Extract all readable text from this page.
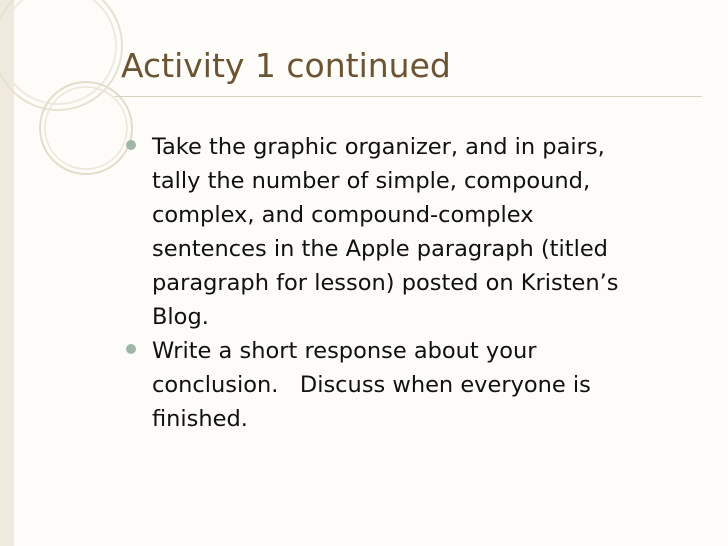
Activity 1 continued
Take the graphic organizer, and in pairs,
tally the number of simple, compound,
complex, and compound-complex
sentences in the Apple paragraph (titled
paragraph for lesson) posted on Kristen’s
Blog.
Write a short response about your
conclusion.   Discuss when everyone is
finished.
